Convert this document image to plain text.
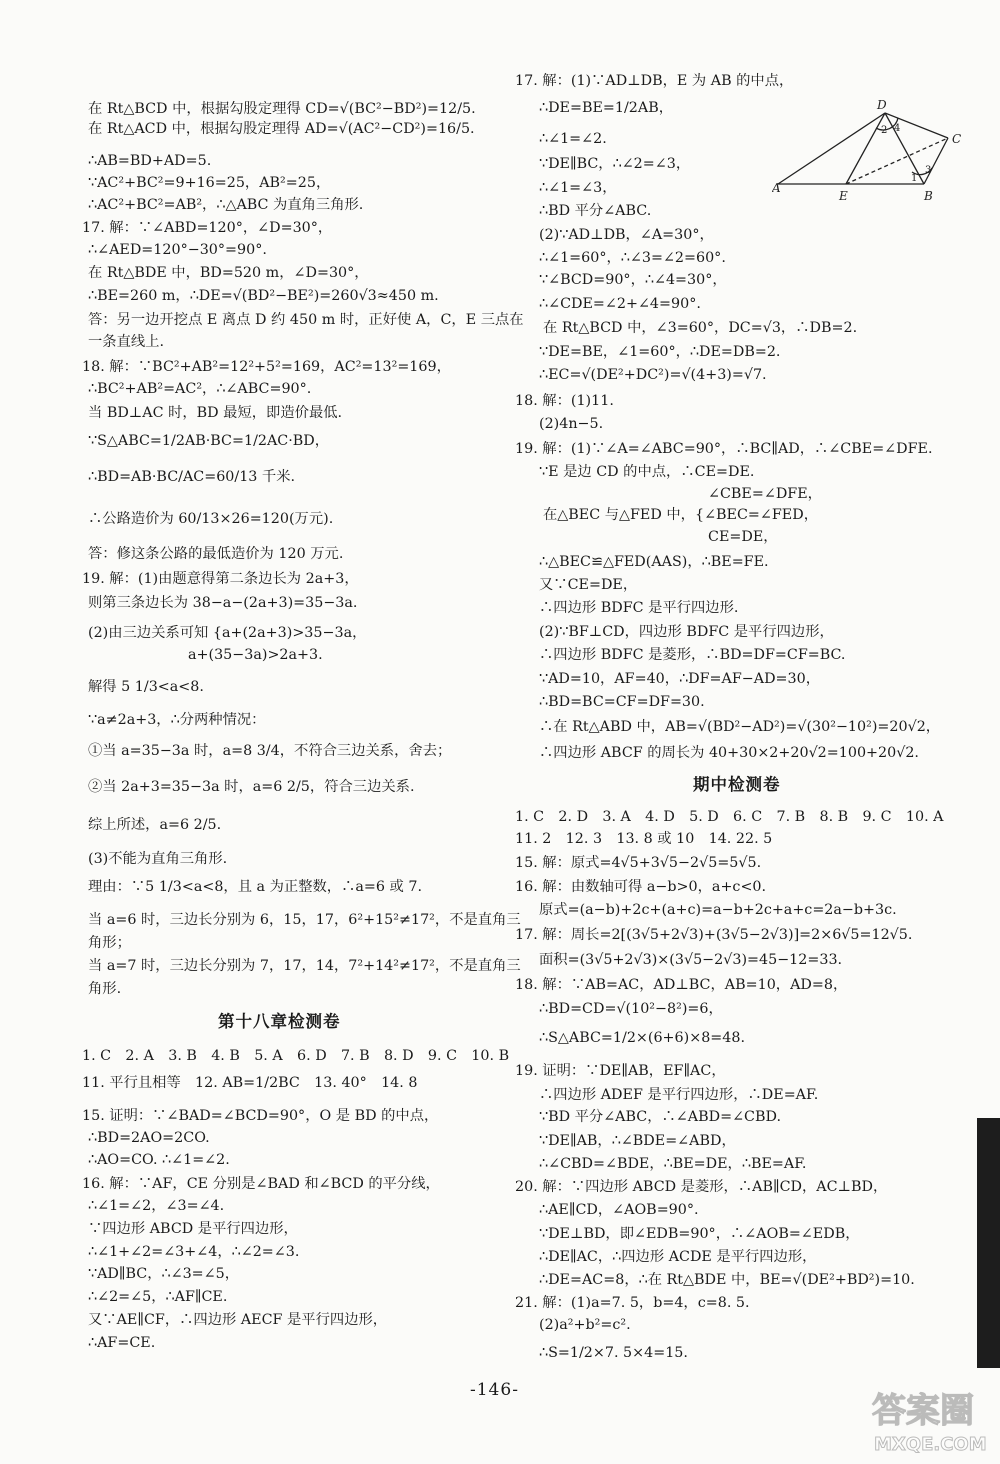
在 Rt△BCD 中，根据勾股定理得 CD=√(BC²−BD²)=12/5.
在 Rt△ACD 中，根据勾股定理得 AD=√(AC²−CD²)=16/5.
∴AB=BD+AD=5.
∵AC²+BC²=9+16=25，AB²=25，
∴AC²+BC²=AB²，∴△ABC 为直角三角形.
17. 解：∵∠ABD=120°，∠D=30°，
∴∠AED=120°−30°=90°.
在 Rt△BDE 中，BD=520 m，∠D=30°，
∴BE=260 m，∴DE=√(BD²−BE²)=260√3≈450 m.
答：另一边开挖点 E 离点 D 约 450 m 时，正好使 A，C，E 三点在
一条直线上.
18. 解：∵BC²+AB²=12²+5²=169，AC²=13²=169，
∴BC²+AB²=AC²，∴∠ABC=90°.
当 BD⊥AC 时，BD 最短，即造价最低.
∵S△ABC=1/2AB·BC=1/2AC·BD，
∴BD=AB·BC/AC=60/13 千米.
∴公路造价为 60/13×26=120(万元).
答：修这条公路的最低造价为 120 万元.
19. 解：(1)由题意得第二条边长为 2a+3，
则第三条边长为 38−a−(2a+3)=35−3a.
(2)由三边关系可知 {a+(2a+3)>35−3a，
a+(35−3a)>2a+3.
解得 5 1/3<a<8.
∵a≠2a+3，∴分两种情况：
①当 a=35−3a 时，a=8 3/4，不符合三边关系，舍去；
②当 2a+3=35−3a 时，a=6 2/5，符合三边关系.
综上所述，a=6 2/5.
(3)不能为直角三角形.
理由：∵5 1/3<a<8，且 a 为正整数，∴a=6 或 7.
当 a=6 时，三边长分别为 6，15，17，6²+15²≠17²，不是直角三
角形；
当 a=7 时，三边长分别为 7，17，14，7²+14²≠17²，不是直角三
角形.
第十八章检测卷
1. C　2. A　3. B　4. B　5. A　6. D　7. B　8. D　9. C　10. B
11. 平行且相等　12. AB=1/2BC　13. 40°　14. 8
15. 证明：∵∠BAD=∠BCD=90°，O 是 BD 的中点，
∴BD=2AO=2CO.
∴AO=CO. ∴∠1=∠2.
16. 解：∵AF，CE 分别是∠BAD 和∠BCD 的平分线，
∴∠1=∠2，∠3=∠4.
∵四边形 ABCD 是平行四边形，
∴∠1+∠2=∠3+∠4，∴∠2=∠3.
∵AD∥BC，∴∠3=∠5，
∴∠2=∠5，∴AF∥CE.
又∵AE∥CF，∴四边形 AECF 是平行四边形，
∴AF=CE.
17. 解：(1)∵AD⊥DB，E 为 AB 的中点，
∴DE=BE=1/2AB，
∴∠1=∠2.
∵DE∥BC，∴∠2=∠3，
∴∠1=∠3，
∴BD 平分∠ABC.
(2)∵AD⊥DB，∠A=30°，
∴∠1=60°，∴∠3=∠2=60°.
∵∠BCD=90°，∴∠4=30°，
∴∠CDE=∠2+∠4=90°.
在 Rt△BCD 中，∠3=60°，DC=√3，∴DB=2.
∵DE=BE，∠1=60°，∴DE=DB=2.
∴EC=√(DE²+DC²)=√(4+3)=√7.
18. 解：(1)11.
(2)4n−5.
19. 解：(1)∵∠A=∠ABC=90°，∴BC∥AD，∴∠CBE=∠DFE.
∵E 是边 CD 的中点，∴CE=DE.
∠CBE=∠DFE，
在△BEC 与△FED 中，{∠BEC=∠FED，
CE=DE，
∴△BEC≌△FED(AAS)，∴BE=FE.
又∵CE=DE，
∴四边形 BDFC 是平行四边形.
(2)∵BF⊥CD，四边形 BDFC 是平行四边形，
∴四边形 BDFC 是菱形，∴BD=DF=CF=BC.
∵AD=10，AF=40，∴DF=AF−AD=30，
∴BD=BC=CF=DF=30.
∴在 Rt△ABD 中，AB=√(BD²−AD²)=√(30²−10²)=20√2，
∴四边形 ABCF 的周长为 40+30×2+20√2=100+20√2.
期中检测卷
1. C　2. D　3. A　4. D　5. D　6. C　7. B　8. B　9. C　10. A
11. 2　12. 3　13. 8 或 10　14. 22. 5
15. 解：原式=4√5+3√5−2√5=5√5.
16. 解：由数轴可得 a−b>0，a+c<0.
原式=(a−b)+2c+(a+c)=a−b+2c+a+c=2a−b+3c.
17. 解：周长=2[(3√5+2√3)+(3√5−2√3)]=2×6√5=12√5.
面积=(3√5+2√3)×(3√5−2√3)=45−12=33.
18. 解：∵AB=AC，AD⊥BC，AB=10，AD=8，
∴BD=CD=√(10²−8²)=6，
∴S△ABC=1/2×(6+6)×8=48.
19. 证明：∵DE∥AB，EF∥AC，
∴四边形 ADEF 是平行四边形，∴DE=AF.
∵BD 平分∠ABC，∴∠ABD=∠CBD.
∵DE∥AB，∴∠BDE=∠ABD，
∴∠CBD=∠BDE，∴BE=DE，∴BE=AF.
20. 解：∵四边形 ABCD 是菱形，∴AB∥CD，AC⊥BD，
∴AE∥CD，∠AOB=90°.
∵DE⊥BD，即∠EDB=90°，∴∠AOB=∠EDB，
∴DE∥AC，∴四边形 ACDE 是平行四边形，
∴DE=AC=8，∴在 Rt△BDE 中，BE=√(DE²+BD²)=10.
21. 解：(1)a=7. 5，b=4，c=8. 5.
(2)a²+b²=c².
∴S=1/2×7. 5×4=15.
D
C
A
E	B
1
2
3
4
-146-
答案圈
MXQE.COM
